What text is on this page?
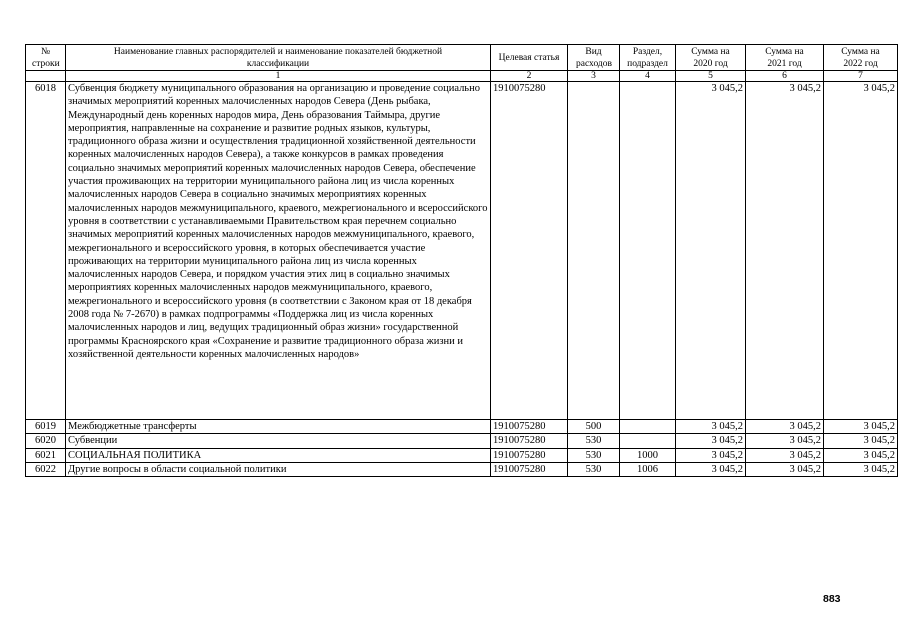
№ строки	Наименование главных распорядителей и наименование показателей бюджетной классификации	Целевая статья	Вид расходов	Раздел, подраздел	Сумма на 2020 год	Сумма на 2021 год	Сумма на 2022 год
	1	2	3	4	5	6	7
6018	Субвенция бюджету муниципального образования на организацию и проведение социально значимых мероприятий коренных малочисленных народов Севера (День рыбака, Международный день коренных народов мира, День образования Таймыра, другие мероприятия, направленные на сохранение и развитие родных языков, культуры, традиционного образа жизни и осуществления традиционной хозяйственной деятельности коренных малочисленных народов Севера), а также конкурсов в рамках проведения социально значимых мероприятий коренных малочисленных народов Севера, обеспечение участия проживающих на территории муниципального района лиц из числа коренных малочисленных народов Севера в социально значимых мероприятиях коренных малочисленных народов межмуниципального, краевого, межрегионального и всероссийского уровня в соответствии с устанавливаемыми Правительством края перечнем социально значимых мероприятий коренных малочисленных народов межмуниципального, краевого, межрегионального и всероссийского уровня, в которых обеспечивается участие проживающих на территории муниципального района лиц из числа коренных малочисленных народов Севера, и порядком участия этих лиц в социально значимых мероприятиях коренных малочисленных народов межмуниципального, краевого, межрегионального и всероссийского уровня (в соответствии с Законом края от 18 декабря 2008 года № 7-2670) в рамках подпрограммы «Поддержка лиц из числа коренных малочисленных народов и лиц, ведущих традиционный образ жизни» государственной программы Красноярского края «Сохранение и развитие традиционного образа жизни и хозяйственной деятельности коренных малочисленных народов»	1910075280			3 045,2	3 045,2	3 045,2
6019	Межбюджетные трансферты	1910075280	500		3 045,2	3 045,2	3 045,2
6020	Субвенции	1910075280	530		3 045,2	3 045,2	3 045,2
6021	СОЦИАЛЬНАЯ ПОЛИТИКА	1910075280	530	1000	3 045,2	3 045,2	3 045,2
6022	Другие вопросы в области социальной политики	1910075280	530	1006	3 045,2	3 045,2	3 045,2
883
